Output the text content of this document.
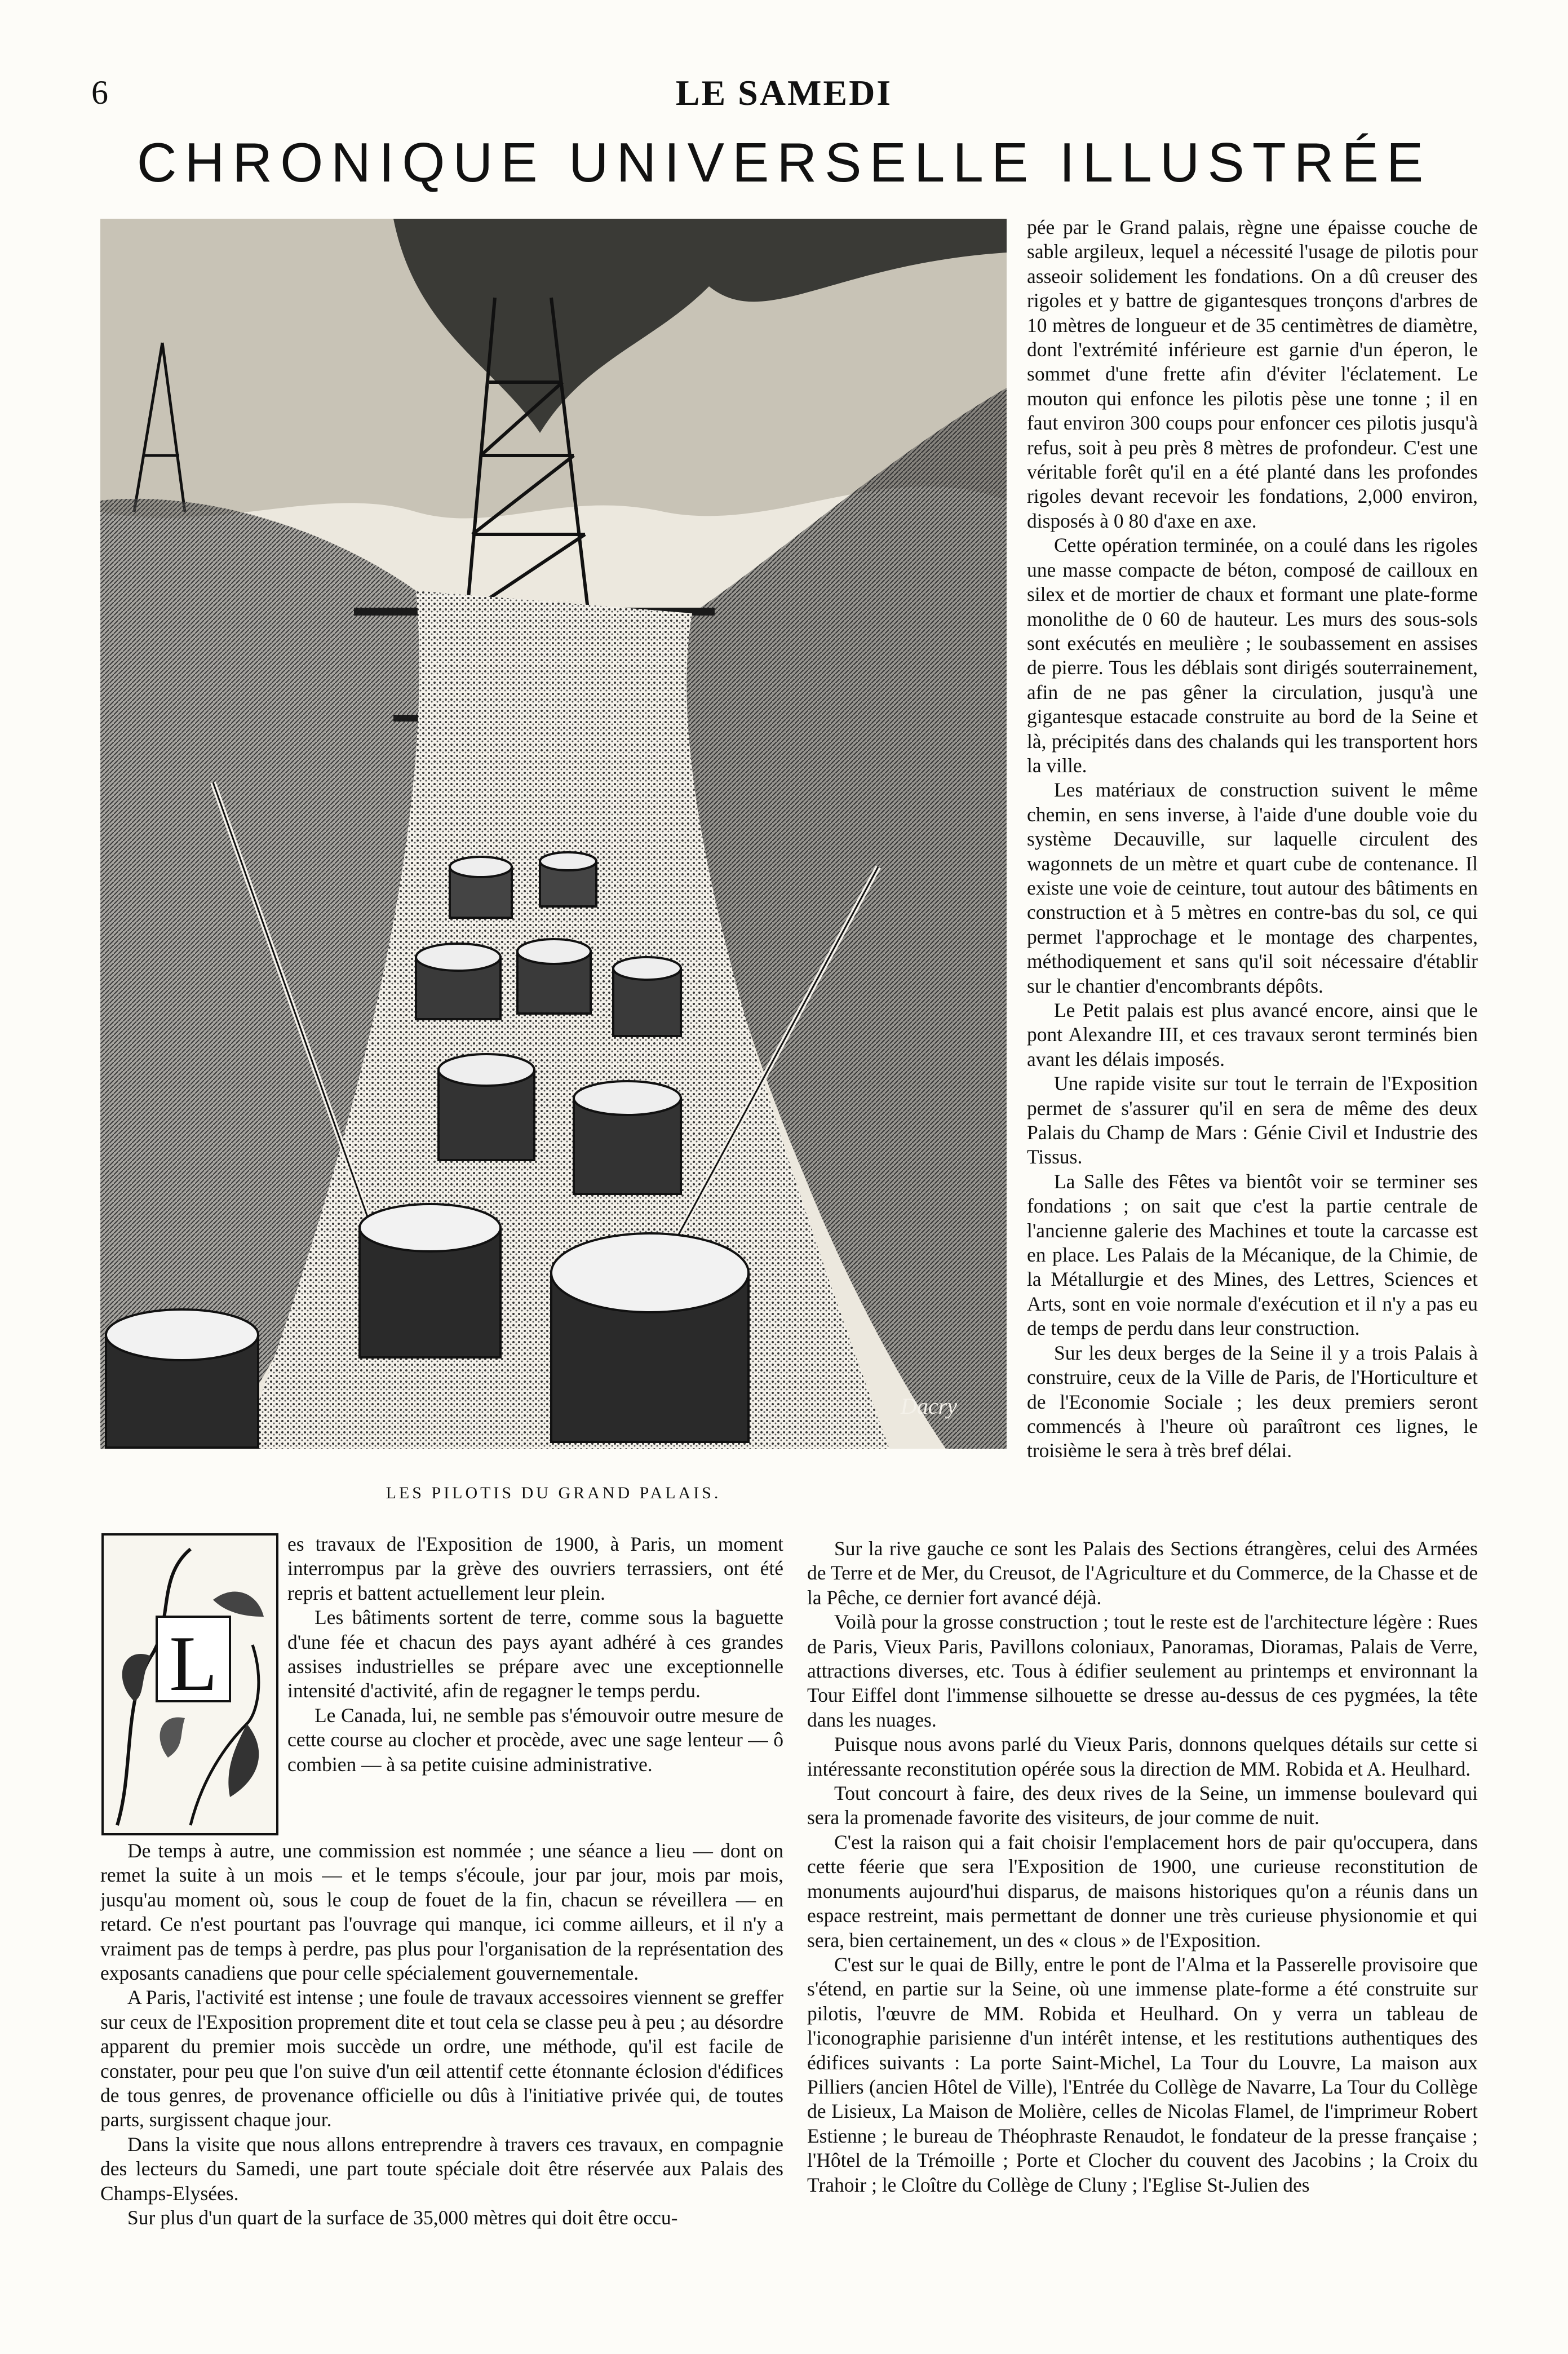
6	LE SAMEDI
CHRONIQUE UNIVERSELLE ILLUSTRÉE
Dacry
LES PILOTIS DU GRAND PALAIS.
L

es travaux de l'Exposition de 1900, à Paris, un moment interrompus par la grève des ouvriers terrassiers, ont été repris et battent actuellement leur plein.

Les bâtiments sortent de terre, comme sous la baguette d'une fée et chacun des pays ayant adhéré à ces grandes assises industrielles se prépare avec une exceptionnelle intensité d'activité, afin de regagner le temps perdu.

Le Canada, lui, ne semble pas s'émouvoir outre mesure de cette course au clocher et procède, avec une sage lenteur — ô combien — à sa petite cuisine administrative.

De temps à autre, une commission est nommée ; une séance a lieu — dont on remet la suite à un mois — et le temps s'écoule, jour par jour, mois par mois, jusqu'au moment où, sous le coup de fouet de la fin, chacun se réveillera — en retard. Ce n'est pourtant pas l'ouvrage qui manque, ici comme ailleurs, et il n'y a vraiment pas de temps à perdre, pas plus pour l'organisation de la représentation des exposants canadiens que pour celle spécialement gouvernementale.

A Paris, l'activité est intense ; une foule de travaux accessoires viennent se greffer sur ceux de l'Exposition proprement dite et tout cela se classe peu à peu ; au désordre apparent du premier mois succède un ordre, une méthode, qu'il est facile de constater, pour peu que l'on suive d'un œil attentif cette étonnante éclosion d'édifices de tous genres, de provenance officielle ou dûs à l'initiative privée qui, de toutes parts, surgissent chaque jour.

Dans la visite que nous allons entreprendre à travers ces travaux, en compagnie des lecteurs du Samedi, une part toute spéciale doit être réservée aux Palais des Champs-Elysées.

Sur plus d'un quart de la surface de 35,000 mètres qui doit être occu-

pée par le Grand palais, règne une épaisse couche de sable argileux, lequel a nécessité l'usage de pilotis pour asseoir solidement les fondations. On a dû creuser des rigoles et y battre de gigantesques tronçons d'arbres de 10 mètres de longueur et de 35 centimètres de diamètre, dont l'extrémité inférieure est garnie d'un éperon, le sommet d'une frette afin d'éviter l'éclatement. Le mouton qui enfonce les pilotis pèse une tonne ; il en faut environ 300 coups pour enfoncer ces pilotis jusqu'à refus, soit à peu près 8 mètres de profondeur. C'est une véritable forêt qu'il en a été planté dans les profondes rigoles devant recevoir les fondations, 2,000 environ, disposés à 0 80 d'axe en axe.

Cette opération terminée, on a coulé dans les rigoles une masse compacte de béton, composé de cailloux en silex et de mortier de chaux et formant une plate-forme monolithe de 0 60 de hauteur. Les murs des sous-sols sont exécutés en meulière ; le soubassement en assises de pierre. Tous les déblais sont dirigés souterrainement, afin de ne pas gêner la circulation, jusqu'à une gigantesque estacade construite au bord de la Seine et là, précipités dans des chalands qui les transportent hors la ville.

Les matériaux de construction suivent le même chemin, en sens inverse, à l'aide d'une double voie du système Decauville, sur laquelle circulent des wagonnets de un mètre et quart cube de contenance. Il existe une voie de ceinture, tout autour des bâtiments en construction et à 5 mètres en contre-bas du sol, ce qui permet l'approchage et le montage des charpentes, méthodiquement et sans qu'il soit nécessaire d'établir sur le chantier d'encombrants dépôts.

Le Petit palais est plus avancé encore, ainsi que le pont Alexandre III, et ces travaux seront terminés bien avant les délais imposés.

Une rapide visite sur tout le terrain de l'Exposition permet de s'assurer qu'il en sera de même des deux Palais du Champ de Mars : Génie Civil et Industrie des Tissus.

La Salle des Fêtes va bientôt voir se terminer ses fondations ; on sait que c'est la partie centrale de l'ancienne galerie des Machines et toute la carcasse est en place. Les Palais de la Mécanique, de la Chimie, de la Métallurgie et des Mines, des Lettres, Sciences et Arts, sont en voie normale d'exécution et il n'y a pas eu de temps de perdu dans leur construction.

Sur les deux berges de la Seine il y a trois Palais à construire, ceux de la Ville de Paris, de l'Horticulture et de l'Economie Sociale ; les deux premiers seront commencés à l'heure où paraîtront ces lignes, le troisième le sera à très bref délai.

Sur la rive gauche ce sont les Palais des Sections étrangères, celui des Armées de Terre et de Mer, du Creusot, de l'Agriculture et du Commerce, de la Chasse et de la Pêche, ce dernier fort avancé déjà.

Voilà pour la grosse construction ; tout le reste est de l'architecture légère : Rues de Paris, Vieux Paris, Pavillons coloniaux, Panoramas, Dioramas, Palais de Verre, attractions diverses, etc. Tous à édifier seulement au printemps et environnant la Tour Eiffel dont l'immense silhouette se dresse au-dessus de ces pygmées, la tête dans les nuages.

Puisque nous avons parlé du Vieux Paris, donnons quelques détails sur cette si intéressante reconstitution opérée sous la direction de MM. Robida et A. Heulhard.

Tout concourt à faire, des deux rives de la Seine, un immense boulevard qui sera la promenade favorite des visiteurs, de jour comme de nuit.

C'est la raison qui a fait choisir l'emplacement hors de pair qu'occupera, dans cette féerie que sera l'Exposition de 1900, une curieuse reconstitution de monuments aujourd'hui disparus, de maisons historiques qu'on a réunis dans un espace restreint, mais permettant de donner une très curieuse physionomie et qui sera, bien certainement, un des « clous » de l'Exposition.

C'est sur le quai de Billy, entre le pont de l'Alma et la Passerelle provisoire que s'étend, en partie sur la Seine, où une immense plate-forme a été construite sur pilotis, l'œuvre de MM. Robida et Heulhard. On y verra un tableau de l'iconographie parisienne d'un intérêt intense, et les restitutions authentiques des édifices suivants : La porte Saint-Michel, La Tour du Louvre, La maison aux Pilliers (ancien Hôtel de Ville), l'Entrée du Collège de Navarre, La Tour du Collège de Lisieux, La Maison de Molière, celles de Nicolas Flamel, de l'imprimeur Robert Estienne ; le bureau de Théophraste Renaudot, le fondateur de la presse française ; l'Hôtel de la Trémoille ; Porte et Clocher du couvent des Jacobins ; la Croix du Trahoir ; le Cloître du Collège de Cluny ; l'Eglise St-Julien des
